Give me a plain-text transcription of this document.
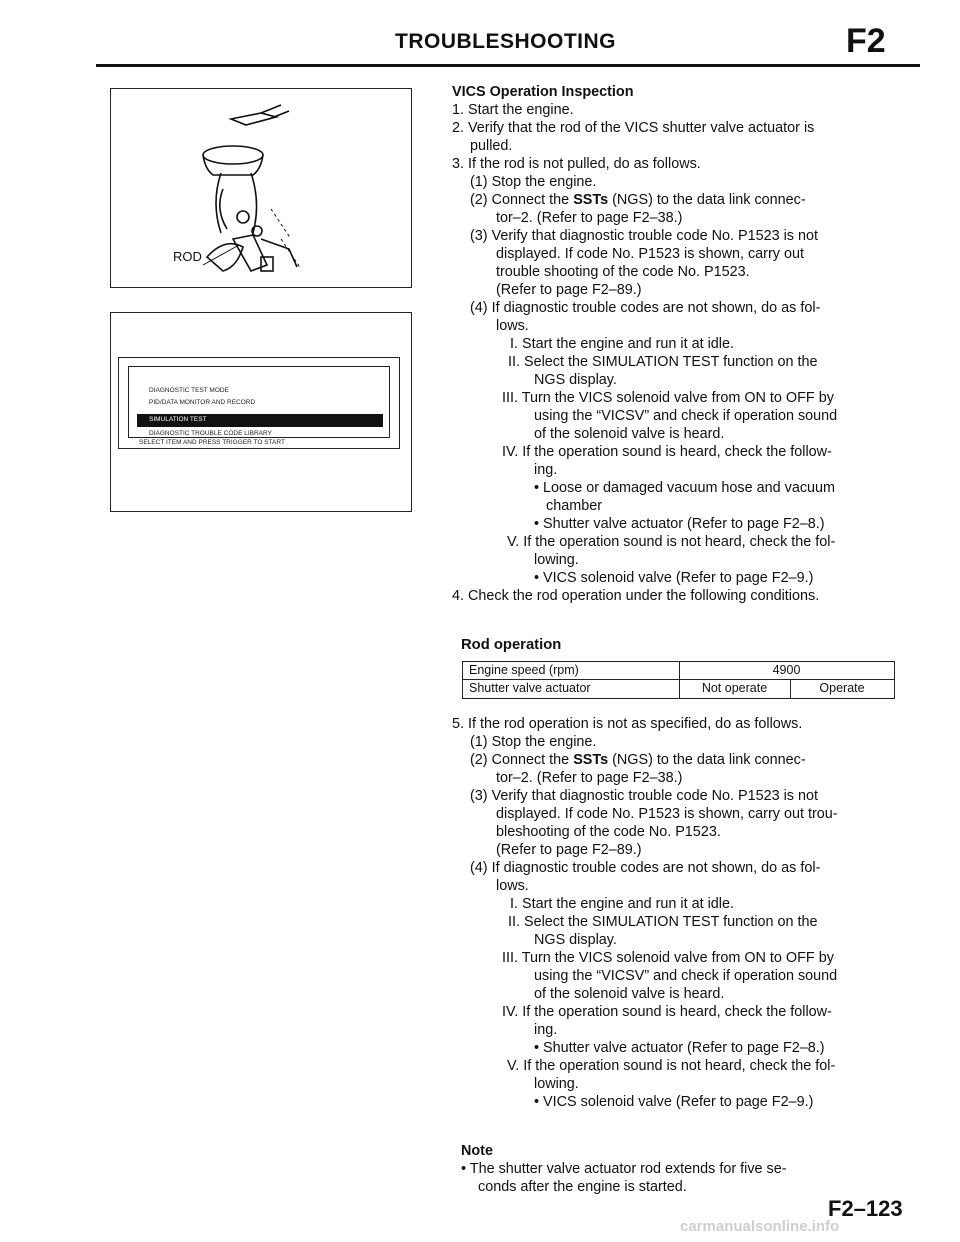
TROUBLESHOOTING	F2
ROD
DIAGNOSTIC TEST MODE
PID/DATA MONITOR AND RECORD
SIMULATION TEST
DIAGNOSTIC TROUBLE CODE LIBRARY
SELECT ITEM AND PRESS TRIGGER TO START
VICS Operation Inspection
1. Start the engine.
2. Verify that the rod of the VICS shutter valve actuator is
pulled.
3. If the rod is not pulled, do as follows.
(1) Stop the engine.
(2) Connect the SSTs (NGS) to the data link connec-
tor–2. (Refer to page F2–38.)
(3) Verify that diagnostic trouble code No. P1523 is not
displayed. If code No. P1523 is shown, carry out
trouble shooting of the code No. P1523.
(Refer to page F2–89.)
(4) If diagnostic trouble codes are not shown, do as fol-
lows.
I. Start the engine and run it at idle.
II. Select the SIMULATION TEST function on the
NGS display.
III. Turn the VICS solenoid valve from ON to OFF by
using the “VICSV” and check if operation sound
of the solenoid valve is heard.
IV. If the operation sound is heard, check the follow-
ing.
• Loose or damaged vacuum hose and vacuum
chamber
• Shutter valve actuator (Refer to page F2–8.)
V. If the operation sound is not heard, check the fol-
lowing.
• VICS solenoid valve (Refer to page F2–9.)
4. Check the rod operation under the following conditions.
Rod operation
Engine speed (rpm)	4900
Shutter valve actuator	Not operate	Operate
5. If the rod operation is not as specified, do as follows.
(1) Stop the engine.
(2) Connect the SSTs (NGS) to the data link connec-
tor–2. (Refer to page F2–38.)
(3) Verify that diagnostic trouble code No. P1523 is not
displayed. If code No. P1523 is shown, carry out trou-
bleshooting of the code No. P1523.
(Refer to page F2–89.)
(4) If diagnostic trouble codes are not shown, do as fol-
lows.
I. Start the engine and run it at idle.
II. Select the SIMULATION TEST function on the
NGS display.
III. Turn the VICS solenoid valve from ON to OFF by
using the “VICSV” and check if operation sound
of the solenoid valve is heard.
IV. If the operation sound is heard, check the follow-
ing.
• Shutter valve actuator (Refer to page F2–8.)
V. If the operation sound is not heard, check the fol-
lowing.
• VICS solenoid valve (Refer to page F2–9.)
Note
• The shutter valve actuator rod extends for five se-
conds after the engine is started.
F2–123
carmanualsonline.info
